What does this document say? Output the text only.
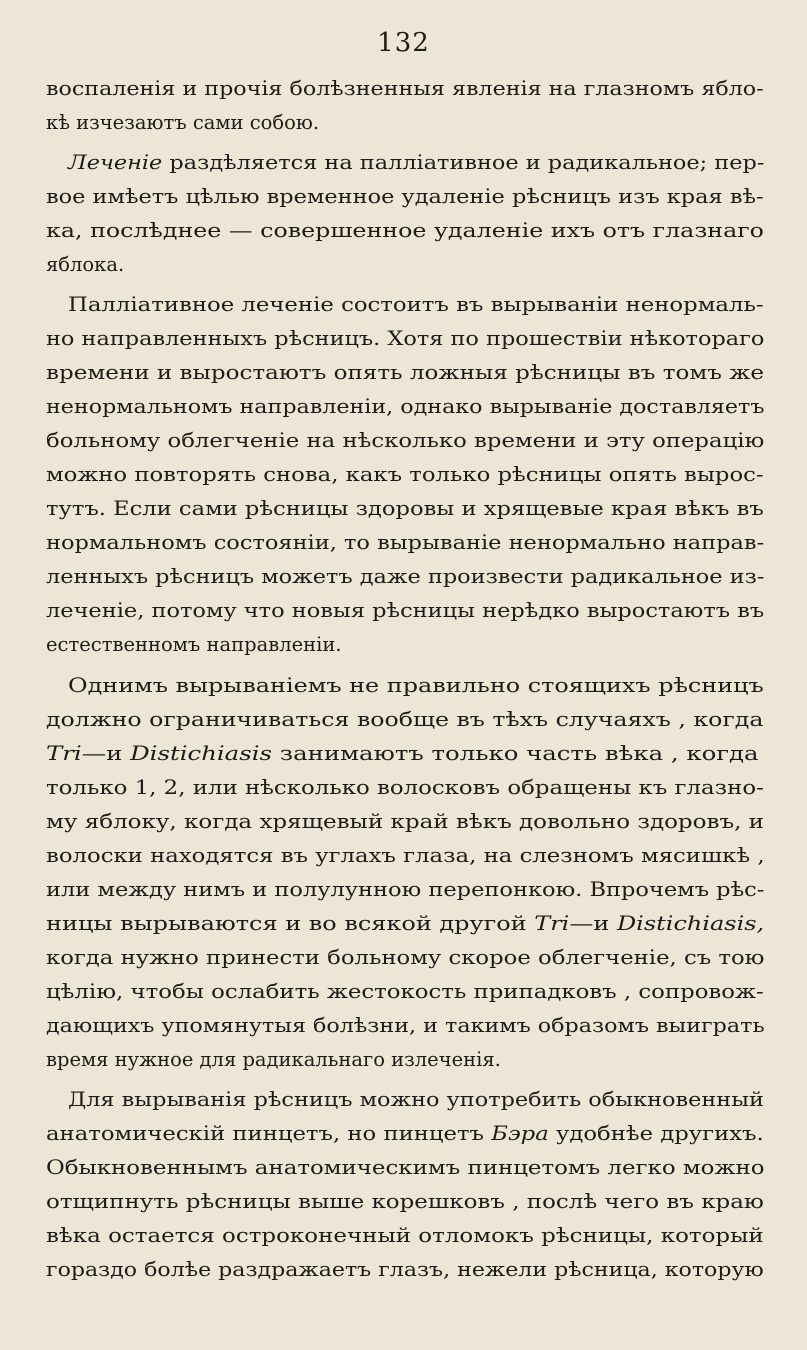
132
воспаленія и прочія болѣзненныя явленія на глазномъ ябло-
кѣ изчезаютъ сами собою.
Леченіе раздѣляется на палліативное и радикальное; пер-
вое имѣетъ цѣлью временное удаленіе рѣсницъ изъ края вѣ-
ка, послѣднее — совершенное удаленіе ихъ отъ глазнаго
яблока.
Палліативное леченіе состоитъ въ вырываніи ненормаль-
но направленныхъ рѣсницъ. Хотя по прошествіи нѣкотораго
времени и выростаютъ опять ложныя рѣсницы въ томъ же
ненормальномъ направленіи, однако вырываніе доставляетъ
больному облегченіе на нѣсколько времени и эту операцію
можно повторять снова, какъ только рѣсницы опять выроc-
тутъ. Если сами рѣсницы здоровы и хрящевые края вѣкъ въ
нормальномъ состояніи, то вырываніе ненормально направ-
ленныхъ рѣсницъ можетъ даже произвести радикальное из-
леченіе, потому что новыя рѣсницы нерѣдко выростаютъ въ
естественномъ направленіи.
Однимъ вырываніемъ не правильно стоящихъ рѣсницъ
должно ограничиваться вообще въ тѣхъ случаяхъ , когда
Tri—и Distichiasis занимаютъ только часть вѣка , когда
только 1, 2, или нѣсколько волосковъ обращены къ глазно-
му яблоку, когда хрящевый край вѣкъ довольно здоровъ, и
волоски находятся въ углахъ глаза, на слезномъ мясишкѣ ,
или между нимъ и полулунною перепонкою. Впрочемъ рѣс-
ницы вырываются и во всякой другой Tri—и Distichiasis,
когда нужно принести больному скорое облегченіе, съ тою
цѣлію, чтобы ослабить жестокость припадковъ , сопровож-
дающихъ упомянутыя болѣзни, и такимъ образомъ выиграть
время нужное для радикальнаго излеченія.
Для вырыванія рѣсницъ можно употребить обыкновенный
анатомическій пинцетъ, но пинцетъ Бэра удобнѣе другихъ.
Обыкновеннымъ анатомическимъ пинцетомъ легко можно
отщипнуть рѣсницы выше корешковъ , послѣ чего въ краю
вѣка остается остроконечный отломокъ рѣсницы, который
гораздо болѣе раздражаетъ глазъ, нежели рѣсница, которую
